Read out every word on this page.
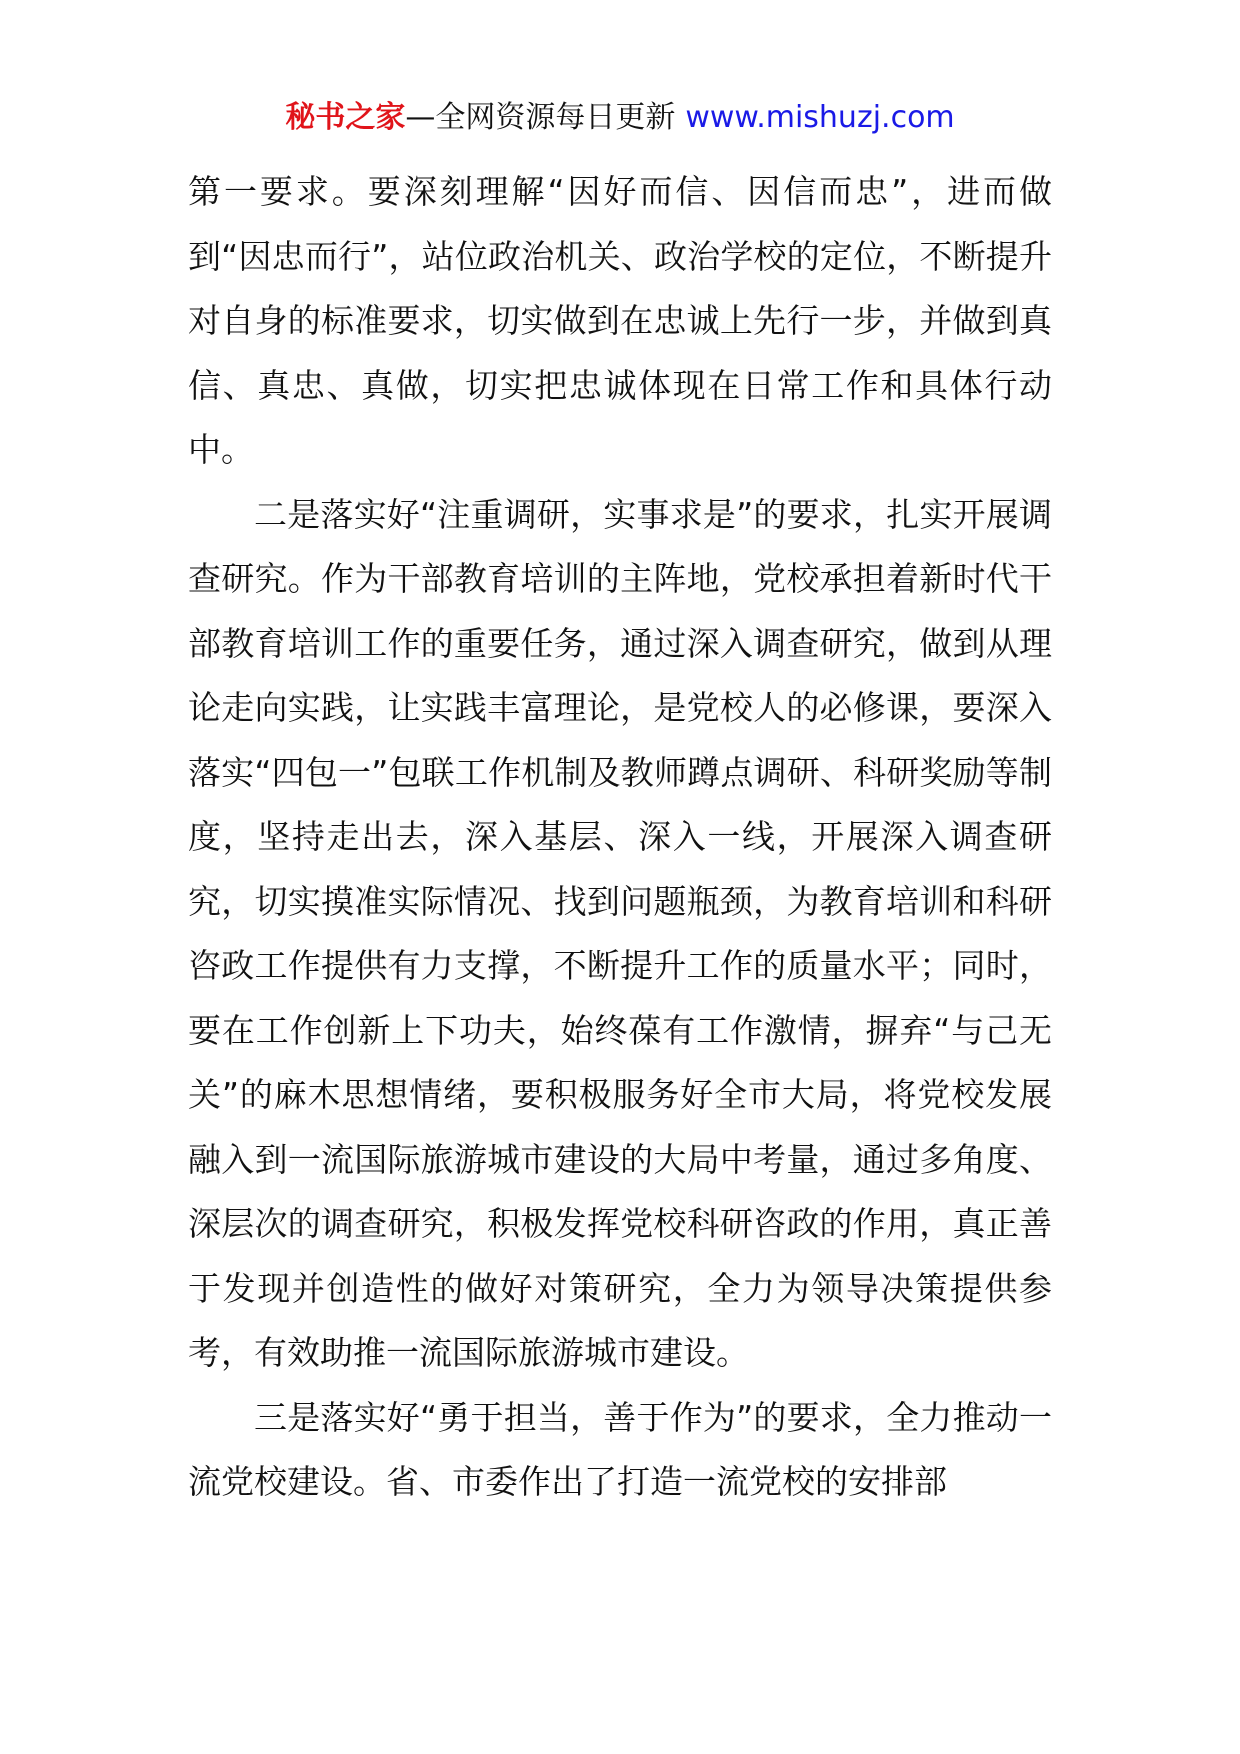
秘书之家—全网资源每日更新 www.mishuzj.com

第一要求。要深刻理解“因好而信、因信而忠”，进而做到“因忠而行”，站位政治机关、政治学校的定位，不断提升对自身的标准要求，切实做到在忠诚上先行一步，并做到真信、真忠、真做，切实把忠诚体现在日常工作和具体行动中。

二是落实好“注重调研，实事求是”的要求，扎实开展调查研究。作为干部教育培训的主阵地，党校承担着新时代干部教育培训工作的重要任务，通过深入调查研究，做到从理论走向实践，让实践丰富理论，是党校人的必修课，要深入落实“四包一”包联工作机制及教师蹲点调研、科研奖励等制度，坚持走出去，深入基层、深入一线，开展深入调查研究，切实摸准实际情况、找到问题瓶颈，为教育培训和科研咨政工作提供有力支撑，不断提升工作的质量水平；同时，要在工作创新上下功夫，始终葆有工作激情，摒弃“与己无关”的麻木思想情绪，要积极服务好全市大局，将党校发展融入到一流国际旅游城市建设的大局中考量，通过多角度、深层次的调查研究，积极发挥党校科研咨政的作用，真正善于发现并创造性的做好对策研究，全力为领导决策提供参考，有效助推一流国际旅游城市建设。

三是落实好“勇于担当，善于作为”的要求，全力推动一流党校建设。省、市委作出了打造一流党校的安排部
